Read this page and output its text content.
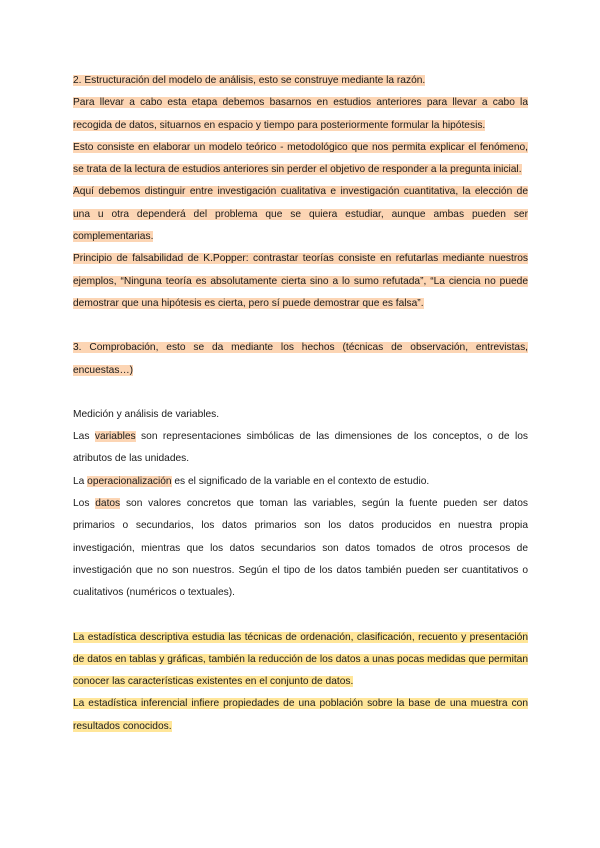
2. Estructuración del modelo de análisis, esto se construye mediante la razón.

Para llevar a cabo esta etapa debemos basarnos en estudios anteriores para llevar a cabo la recogida de datos, situarnos en espacio y tiempo para posteriormente formular la hipótesis.

Esto consiste en elaborar un modelo teórico - metodológico que nos permita explicar el fenómeno, se trata de la lectura de estudios anteriores sin perder el objetivo de responder a la pregunta inicial.

Aquí debemos distinguir entre investigación cualitativa e investigación cuantitativa, la elección de una u otra dependerá del problema que se quiera estudiar, aunque ambas pueden ser complementarias.

Principio de falsabilidad de K.Popper: contrastar teorías consiste en refutarlas mediante nuestros ejemplos, “Ninguna teoría es absolutamente cierta sino a lo sumo refutada”, “La ciencia no puede demostrar que una hipótesis es cierta, pero sí puede demostrar que es falsa”.

3. Comprobación, esto se da mediante los hechos (técnicas de observación, entrevistas, encuestas…)

Medición y análisis de variables.

Las variables son representaciones simbólicas de las dimensiones de los conceptos, o de los atributos de las unidades.

La operacionalización es el significado de la variable en el contexto de estudio.

Los datos son valores concretos que toman las variables, según la fuente pueden ser datos primarios o secundarios, los datos primarios son los datos producidos en nuestra propia investigación, mientras que los datos secundarios son datos tomados de otros procesos de investigación que no son nuestros. Según el tipo de los datos también pueden ser cuantitativos o cualitativos (numéricos o textuales).

La estadística descriptiva estudia las técnicas de ordenación, clasificación, recuento y presentación de datos en tablas y gráficas, también la reducción de los datos a unas pocas medidas que permitan conocer las características existentes en el conjunto de datos.

La estadística inferencial infiere propiedades de una población sobre la base de una muestra con resultados conocidos.
